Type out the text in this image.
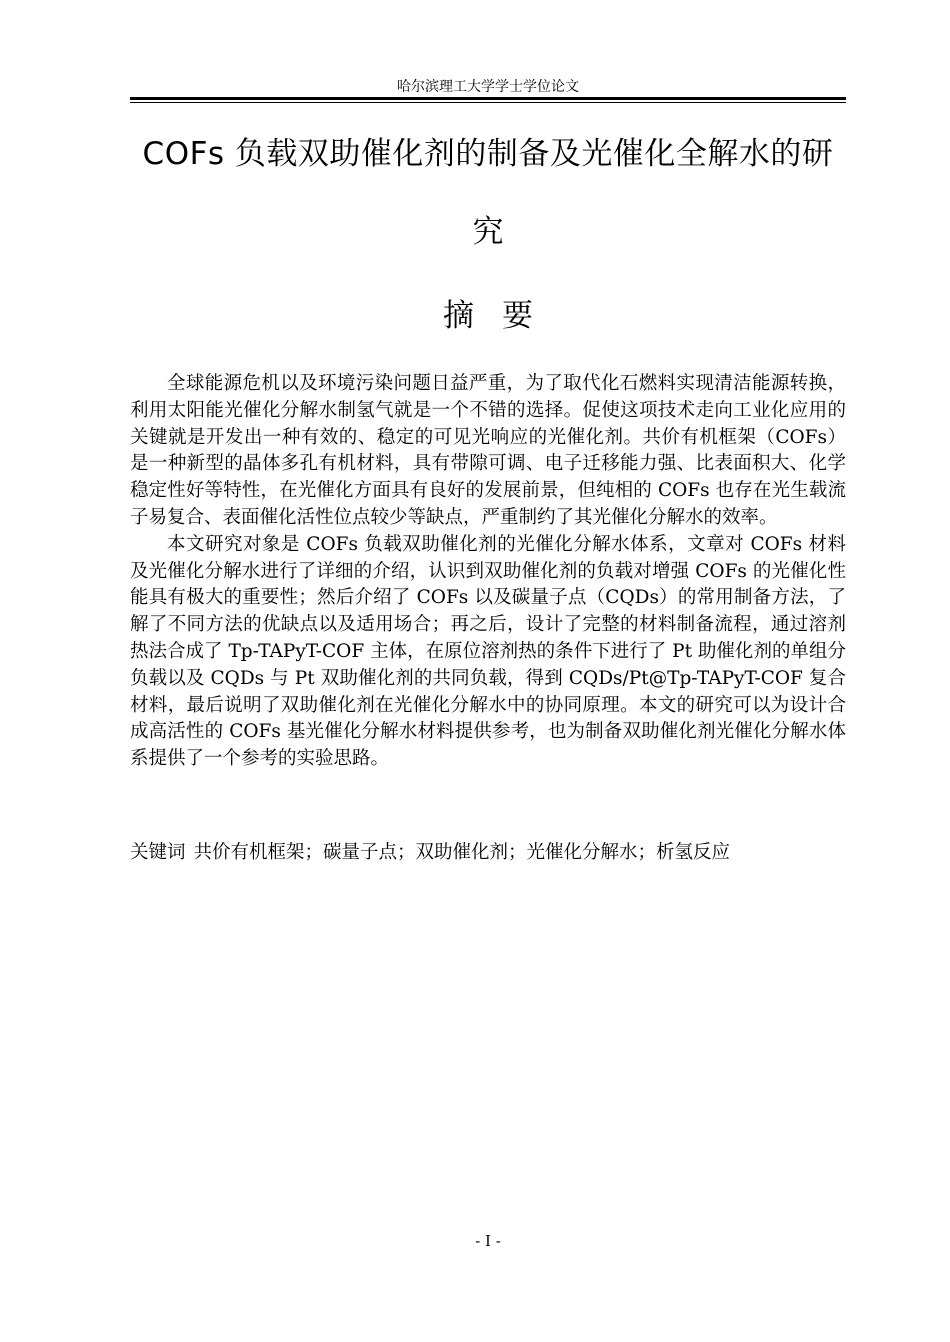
哈尔滨理工大学学士学位论文
COFs 负载双助催化剂的制备及光催化全解水的研
究
摘要

全球能源危机以及环境污染问题日益严重，为了取代化石燃料实现清洁能源转换，利用太阳能光催化分解水制氢气就是一个不错的选择。促使这项技术走向工业化应用的关键就是开发出一种有效的、稳定的可见光响应的光催化剂。共价有机框架（COFs）是一种新型的晶体多孔有机材料，具有带隙可调、电子迁移能力强、比表面积大、化学稳定性好等特性，在光催化方面具有良好的发展前景，但纯相的 COFs 也存在光生载流子易复合、表面催化活性位点较少等缺点，严重制约了其光催化分解水的效率。

本文研究对象是 COFs 负载双助催化剂的光催化分解水体系，文章对 COFs 材料及光催化分解水进行了详细的介绍，认识到双助催化剂的负载对增强 COFs 的光催化性能具有极大的重要性；然后介绍了 COFs 以及碳量子点（CQDs）的常用制备方法，了解了不同方法的优缺点以及适用场合；再之后，设计了完整的材料制备流程，通过溶剂热法合成了 Tp-TAPyT-COF 主体，在原位溶剂热的条件下进行了 Pt 助催化剂的单组分负载以及 CQDs 与 Pt 双助催化剂的共同负载，得到 CQDs/Pt@Tp-TAPyT-COF 复合材料，最后说明了双助催化剂在光催化分解水中的协同原理。本文的研究可以为设计合成高活性的 COFs 基光催化分解水材料提供参考，也为制备双助催化剂光催化分解水体系提供了一个参考的实验思路。

关键词 共价有机框架；碳量子点；双助催化剂；光催化分解水；析氢反应
- I -
